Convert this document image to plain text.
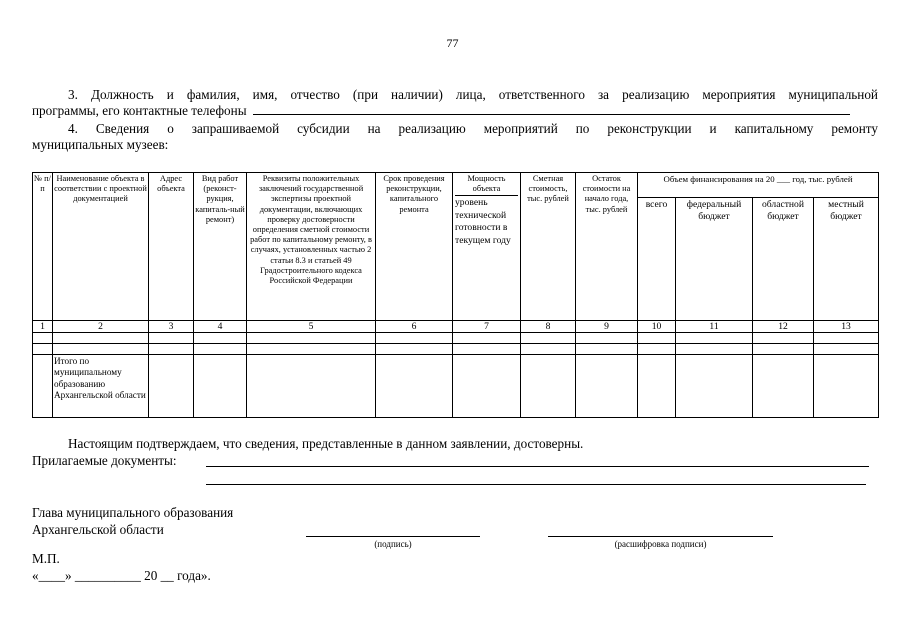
77
3. Должность и фамилия, имя, отчество (при наличии) лица, ответственного за реализацию мероприятия муниципальной
программы, его контактные телефоны
4. Сведения о запрашиваемой субсидии на реализацию мероприятий по реконструкции и капитальному ремонту
муниципальных музеев:
№ п/п	Наименование объекта в соответствии с проектной документацией	Адрес объекта	Вид работ (реконст-рукция, капиталь-ный ремонт)	Реквизиты положительных заключений государственной экспертизы проектной документации, включающих проверку достоверности определения сметной стоимости работ по капитальному ремонту, в случаях, установленных частью 2 статьи 8.3 и статьей 49 Градостроительного кодекса Российской Федерации	Срок проведения реконструкции, капитального ремонта	Мощность объекта
уровень технической готовности в текущем году	Сметная стоимость, тыс. рублей	Остаток стоимости на начало года, тыс. рублей	Объем финансирования на 20 ___ год, тыс. рублей			
									всего	федеральный бюджет	областной бюджет	местный бюджет
1	2	3	4	5	6	7	8	9	10	11	12	13

	Итого по муниципальному образованию Архангельской области											
Настоящим подтверждаем, что сведения, представленные в данном заявлении, достоверны.
Прилагаемые документы:
Глава муниципального образования
Архангельской области
(подпись)	(расшифровка подписи)
М.П.
«____» __________ 20 __ года».
